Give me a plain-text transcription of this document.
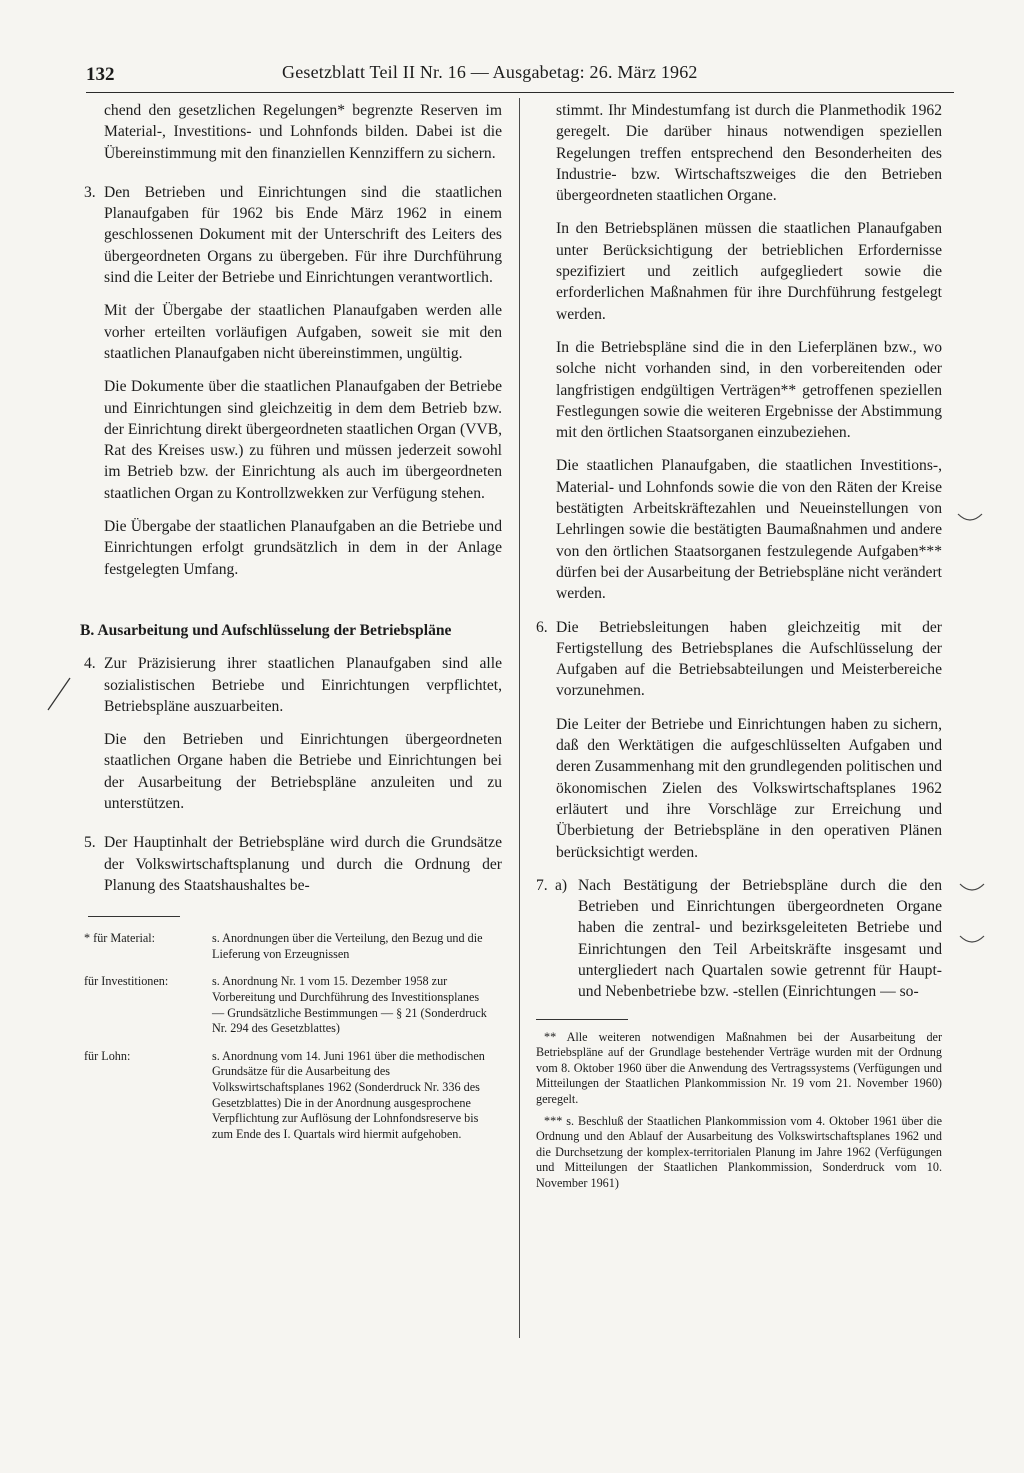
132	Gesetzblatt Teil II Nr. 16 — Ausgabetag: 26. März 1962

chend den gesetzlichen Regelungen* begrenzte Reserven im Material-, Investitions- und Lohnfonds bilden. Dabei ist die Übereinstimmung mit den finanziellen Kennziffern zu sichern.

3. Den Betrieben und Einrichtungen sind die staatlichen Planaufgaben für 1962 bis Ende März 1962 in einem geschlossenen Dokument mit der Unterschrift des Leiters des übergeordneten Organs zu übergeben. Für ihre Durchführung sind die Leiter der Betriebe und Einrichtungen verantwortlich.

Mit der Übergabe der staatlichen Planaufgaben werden alle vorher erteilten vorläufigen Aufgaben, soweit sie mit den staatlichen Planaufgaben nicht übereinstimmen, ungültig.

Die Dokumente über die staatlichen Planaufgaben der Betriebe und Einrichtungen sind gleichzeitig in dem dem Betrieb bzw. der Einrichtung direkt übergeordneten staatlichen Organ (VVB, Rat des Kreises usw.) zu führen und müssen jederzeit sowohl im Betrieb bzw. der Einrichtung als auch im übergeordneten staatlichen Organ zu Kontrollzwekken zur Verfügung stehen.

Die Übergabe der staatlichen Planaufgaben an die Betriebe und Einrichtungen erfolgt grundsätzlich in dem in der Anlage festgelegten Umfang.

B. Ausarbeitung und Aufschlüsselung der Betriebspläne

4. Zur Präzisierung ihrer staatlichen Planaufgaben sind alle sozialistischen Betriebe und Einrichtungen verpflichtet, Betriebspläne auszuarbeiten.

Die den Betrieben und Einrichtungen übergeordneten staatlichen Organe haben die Betriebe und Einrichtungen bei der Ausarbeitung der Betriebspläne anzuleiten und zu unterstützen.

5. Der Hauptinhalt der Betriebspläne wird durch die Grundsätze der Volkswirtschaftsplanung und durch die Ordnung der Planung des Staatshaushaltes be-

* für Material:	s. Anordnungen über die Verteilung, den Bezug und die Lieferung von Erzeugnissen
für Investitionen:	s. Anordnung Nr. 1 vom 15. Dezember 1958 zur Vorbereitung und Durchführung des Investitionsplanes — Grundsätzliche Bestimmungen — § 21 (Sonderdruck Nr. 294 des Gesetzblattes)
für Lohn:	s. Anordnung vom 14. Juni 1961 über die methodischen Grundsätze für die Ausarbeitung des Volkswirtschaftsplanes 1962 (Sonderdruck Nr. 336 des Gesetzblattes) Die in der Anordnung ausgesprochene Verpflichtung zur Auflösung der Lohnfondsreserve bis zum Ende des I. Quartals wird hiermit aufgehoben.

stimmt. Ihr Mindestumfang ist durch die Planmethodik 1962 geregelt. Die darüber hinaus notwendigen speziellen Regelungen treffen entsprechend den Besonderheiten des Industrie- bzw. Wirtschaftszweiges die den Betrieben übergeordneten staatlichen Organe.

In den Betriebsplänen müssen die staatlichen Planaufgaben unter Berücksichtigung der betrieblichen Erfordernisse spezifiziert und zeitlich aufgegliedert sowie die erforderlichen Maßnahmen für ihre Durchführung festgelegt werden.

In die Betriebspläne sind die in den Lieferplänen bzw., wo solche nicht vorhanden sind, in den vorbereitenden oder langfristigen endgültigen Verträgen** getroffenen speziellen Festlegungen sowie die weiteren Ergebnisse der Abstimmung mit den örtlichen Staatsorganen einzubeziehen.

Die staatlichen Planaufgaben, die staatlichen Investitions-, Material- und Lohnfonds sowie die von den Räten der Kreise bestätigten Arbeitskräftezahlen und Neueinstellungen von Lehrlingen sowie die bestätigten Baumaßnahmen und andere von den örtlichen Staatsorganen festzulegende Aufgaben*** dürfen bei der Ausarbeitung der Betriebspläne nicht verändert werden.

6. Die Betriebsleitungen haben gleichzeitig mit der Fertigstellung des Betriebsplanes die Aufschlüsselung der Aufgaben auf die Betriebsabteilungen und Meisterbereiche vorzunehmen.

Die Leiter der Betriebe und Einrichtungen haben zu sichern, daß den Werktätigen die aufgeschlüsselten Aufgaben und deren Zusammenhang mit den grundlegenden politischen und ökonomischen Zielen des Volkswirtschaftsplanes 1962 erläutert und ihre Vorschläge zur Erreichung und Überbietung der Betriebspläne in den operativen Plänen berücksichtigt werden.

7. a) Nach Bestätigung der Betriebspläne durch die den Betrieben und Einrichtungen übergeordneten Organe haben die zentral- und bezirksgeleiteten Betriebe und Einrichtungen den Teil Arbeitskräfte insgesamt und untergliedert nach Quartalen sowie getrennt für Haupt- und Nebenbetriebe bzw. -stellen (Einrichtungen — so-

** Alle weiteren notwendigen Maßnahmen bei der Ausarbeitung der Betriebspläne auf der Grundlage bestehender Verträge wurden mit der Ordnung vom 8. Oktober 1960 über die Anwendung des Vertragssystems (Verfügungen und Mitteilungen der Staatlichen Plankommission Nr. 19 vom 21. November 1960) geregelt.

*** s. Beschluß der Staatlichen Plankommission vom 4. Oktober 1961 über die Ordnung und den Ablauf der Ausarbeitung des Volkswirtschaftsplanes 1962 und die Durchsetzung der komplex-territorialen Planung im Jahre 1962 (Verfügungen und Mitteilungen der Staatlichen Plankommission, Sonderdruck vom 10. November 1961)
